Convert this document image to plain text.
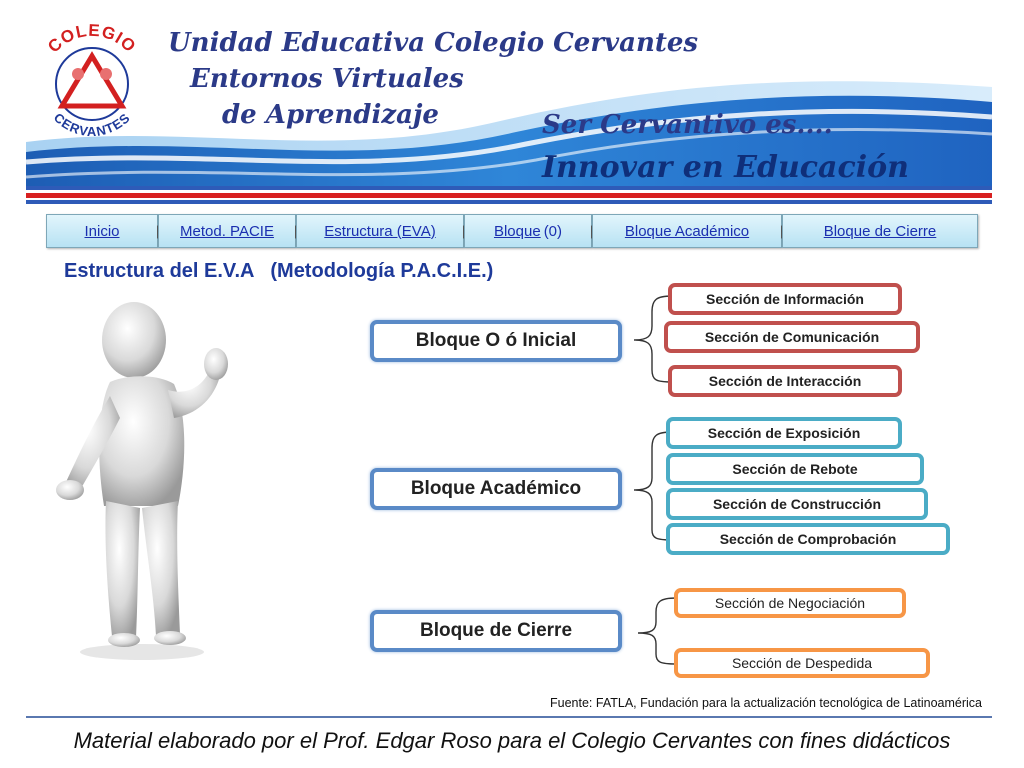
COLEGIO
CERVANTES
Unidad Educativa Colegio Cervantes
Entornos Virtuales
de Aprendizaje	Ser Cervantivo es....
Innovar en Educación
Inicio	Metod. PACIE	Estructura (EVA)	Bloque (0)	Bloque Académico	Bloque de Cierre
Estructura del E.V.A   (Metodología P.A.C.I.E.)
Bloque O ó Inicial
Bloque Académico
Bloque de Cierre
Sección de Información
Sección de Comunicación
Sección de Interacción
Sección de Exposición
Sección de Rebote
Sección de Construcción
Sección de Comprobación
Sección de Negociación
Sección de Despedida
Fuente: FATLA, Fundación para la actualización tecnológica de Latinoamérica
Material elaborado por el Prof. Edgar Roso para el Colegio Cervantes con fines didácticos
